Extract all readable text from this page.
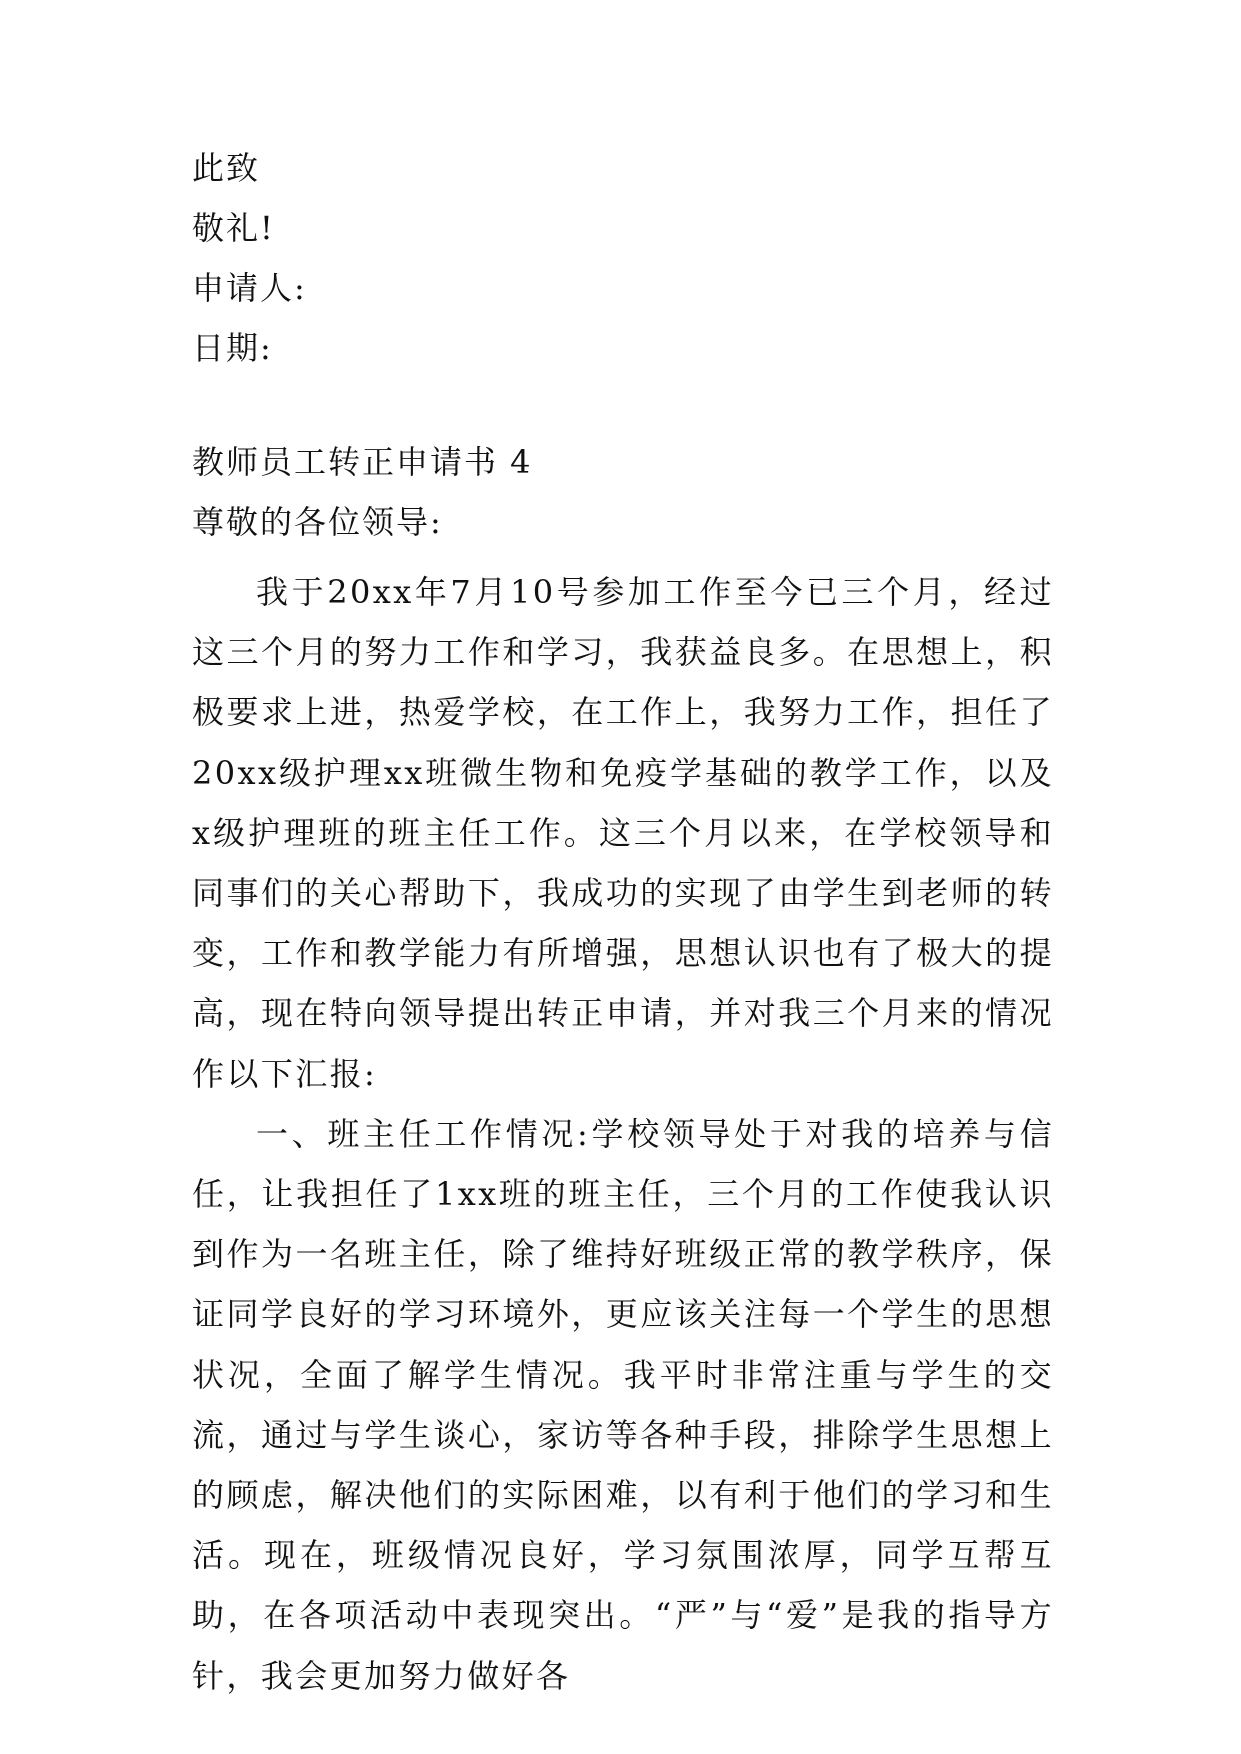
此致
敬礼!
申请人:
日期:
教师员工转正申请书 4
尊敬的各位领导:

我于20xx年7月10号参加工作至今已三个月，经过这三个月的努力工作和学习，我获益良多。在思想上，积极要求上进，热爱学校，在工作上，我努力工作，担任了20xx级护理xx班微生物和免疫学基础的教学工作，以及x级护理班的班主任工作。这三个月以来，在学校领导和同事们的关心帮助下，我成功的实现了由学生到老师的转变，工作和教学能力有所增强，思想认识也有了极大的提高，现在特向领导提出转正申请，并对我三个月来的情况作以下汇报:

一、班主任工作情况:学校领导处于对我的培养与信任，让我担任了1xx班的班主任，三个月的工作使我认识到作为一名班主任，除了维持好班级正常的教学秩序，保证同学良好的学习环境外，更应该关注每一个学生的思想状况，全面了解学生情况。我平时非常注重与学生的交流，通过与学生谈心，家访等各种手段，排除学生思想上的顾虑，解决他们的实际困难，以有利于他们的学习和生活。现在，班级情况良好，学习氛围浓厚，同学互帮互助，在各项活动中表现突出。“严”与“爱”是我的指导方针，我会更加努力做好各
